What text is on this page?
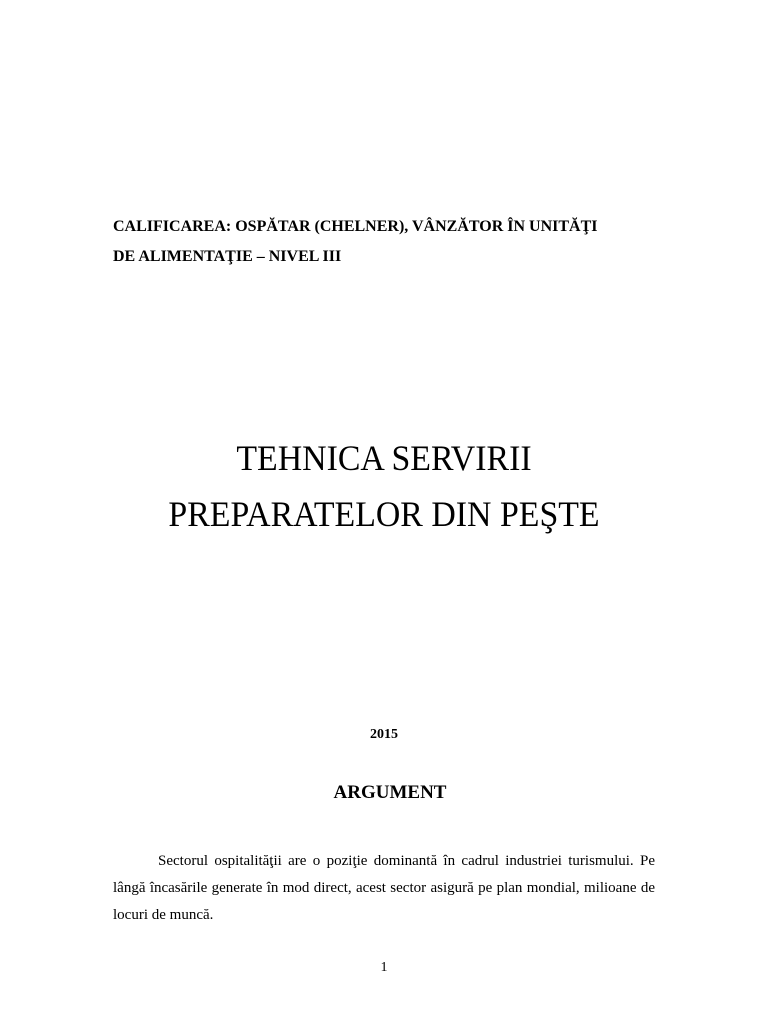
CALIFICAREA: OSPĂTAR (CHELNER), VÂNZĂTOR ÎN UNITĂŢI
DE ALIMENTAŢIE – NIVEL III
TEHNICA SERVIRII
PREPARATELOR DIN PEŞTE
2015
ARGUMENT
Sectorul ospitalităţii are o poziţie dominantă în cadrul industriei turismului. Pe
lângă încasările generate în mod direct, acest sector asigură pe plan mondial, milioane de
locuri de muncă.
1
